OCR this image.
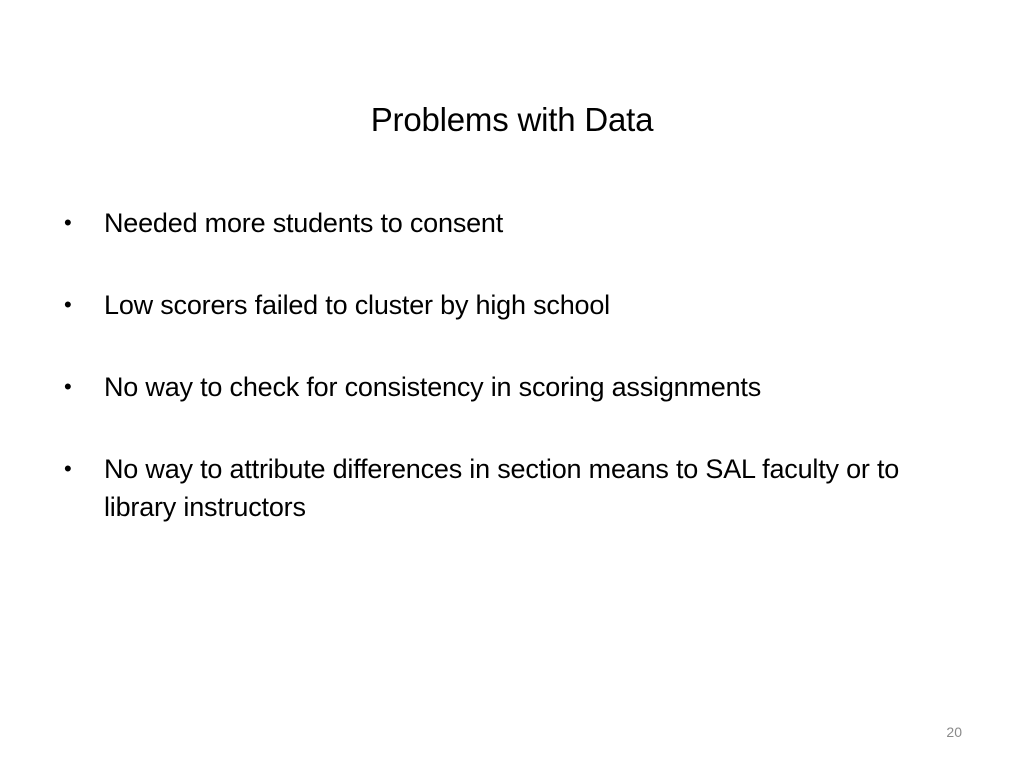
Problems with Data
•	Needed more students to consent
•	Low scorers failed to cluster by high school
•	No way to check for consistency in scoring assignments
•	No way to attribute differences in section means to SAL faculty or to library instructors
20
